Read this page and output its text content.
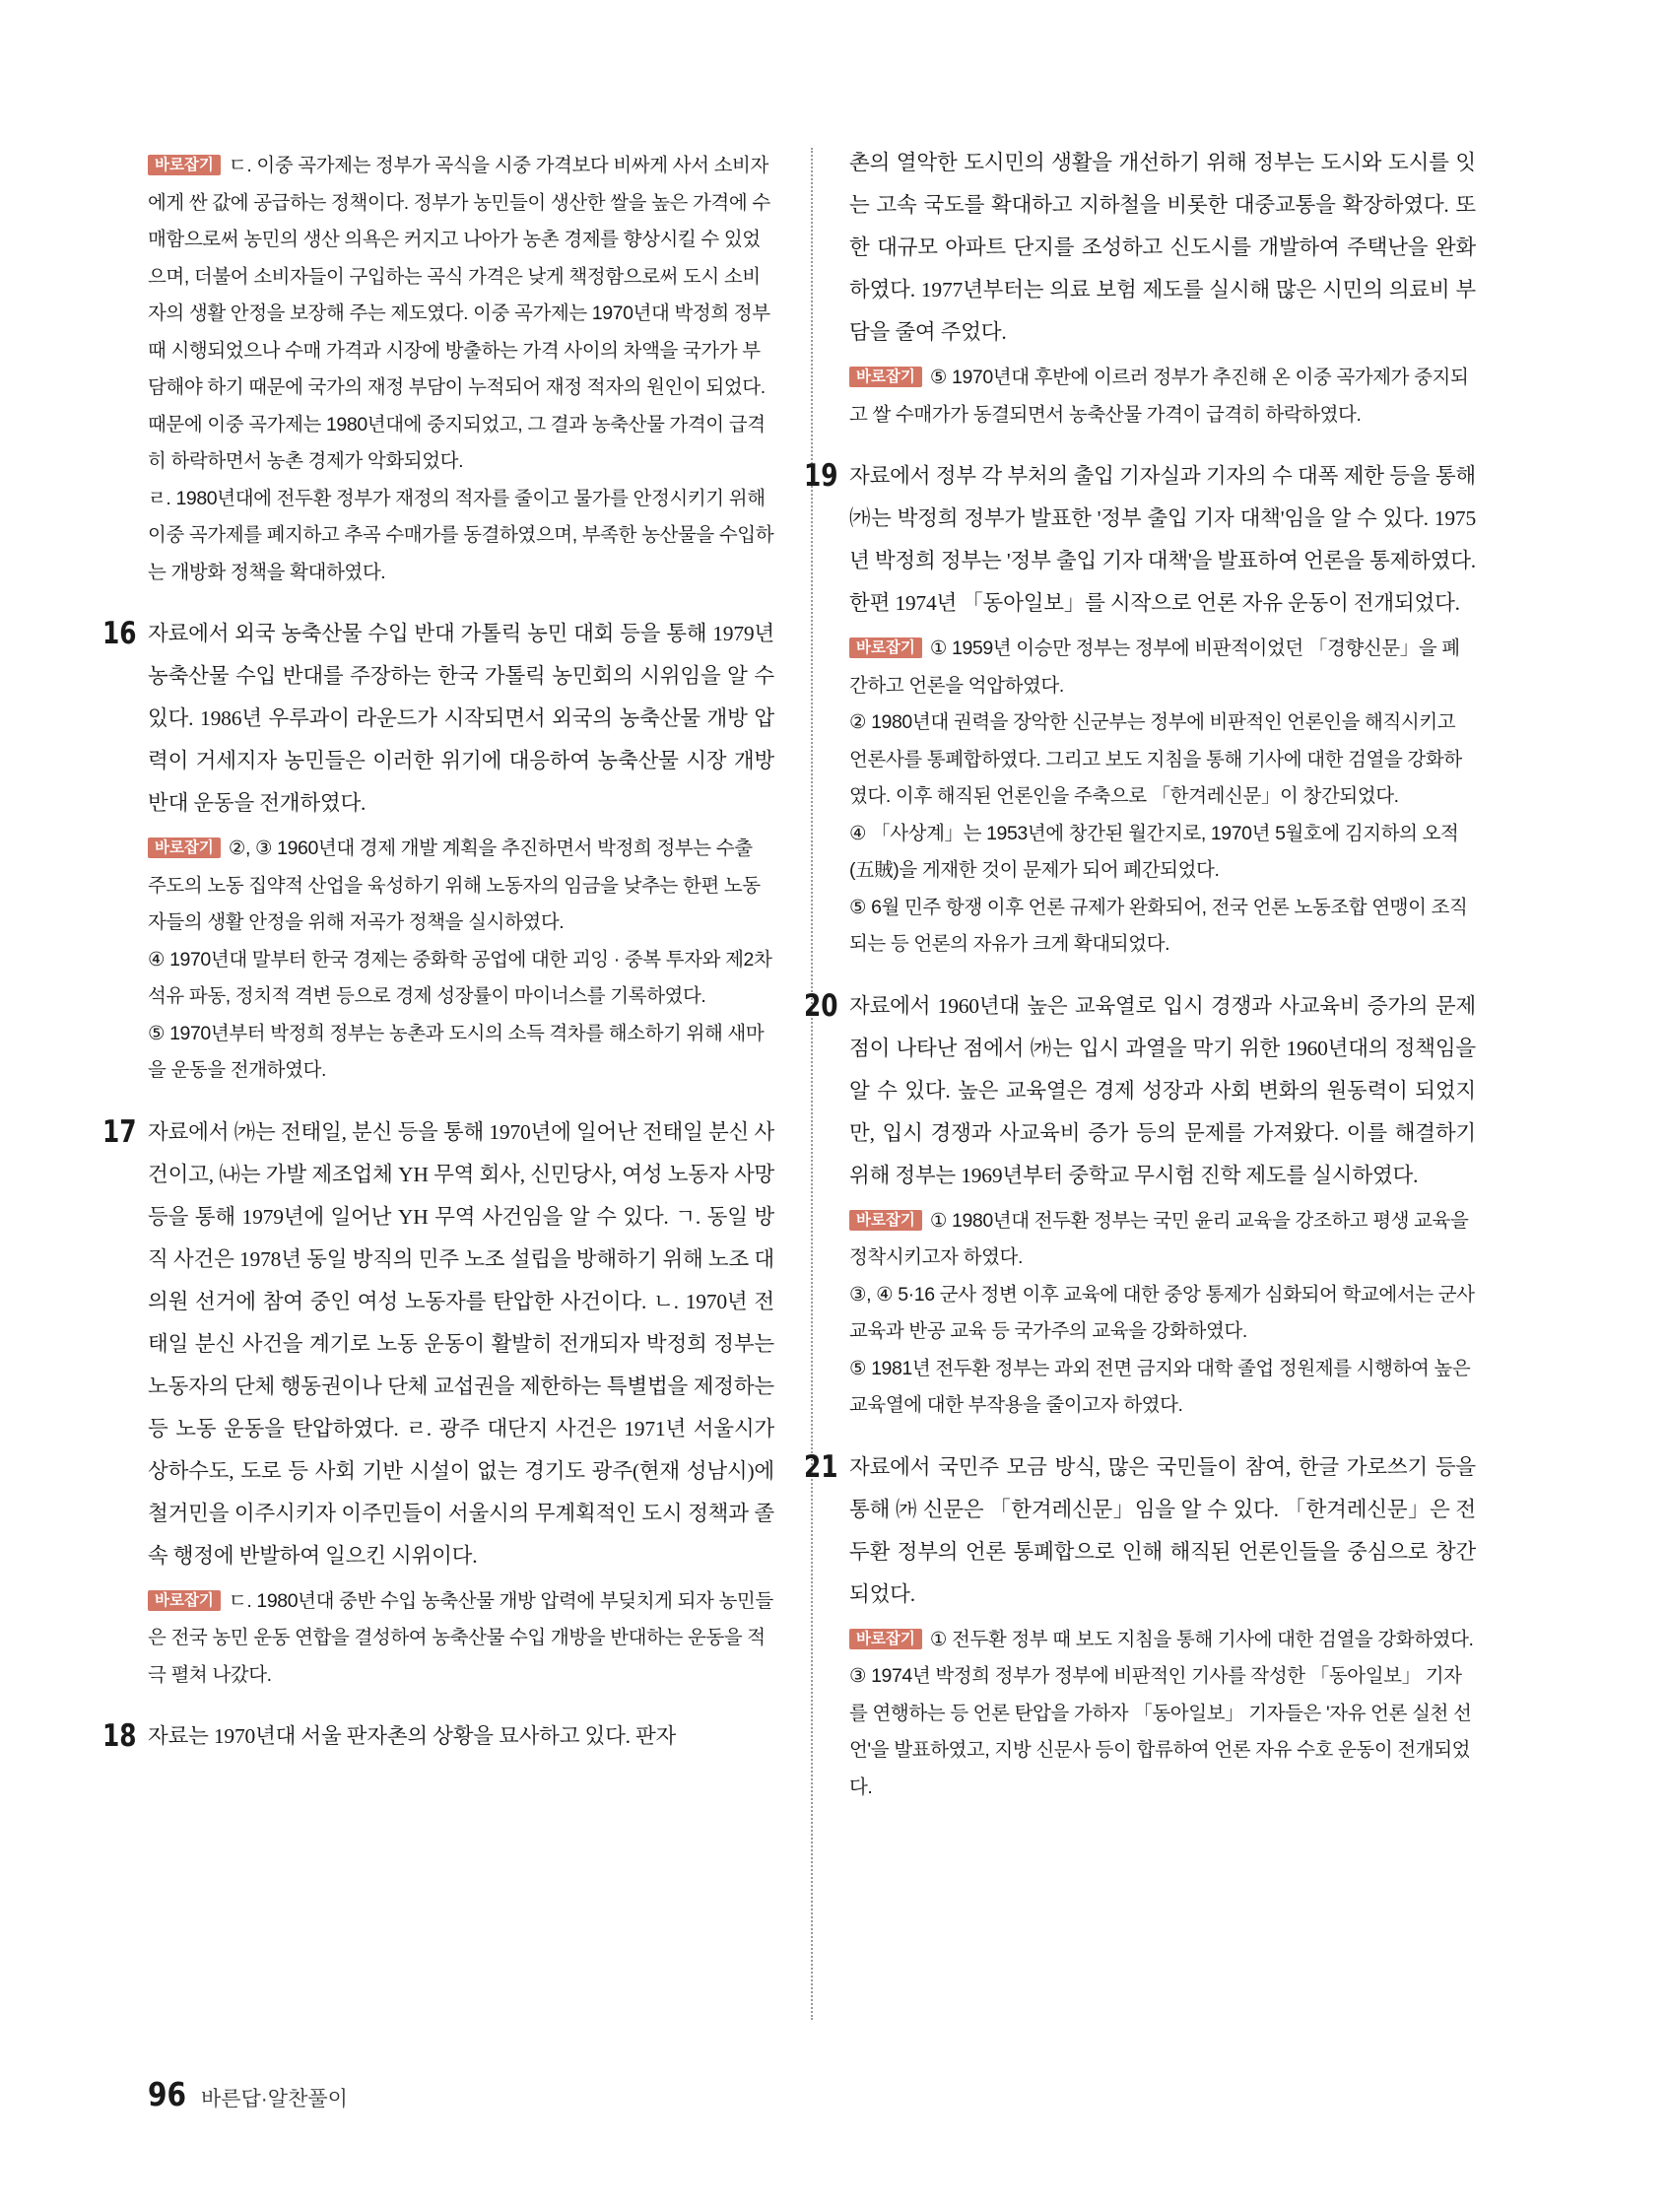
바로잡기 ㄷ. 이중 곡가제는 정부가 곡식을 시중 가격보다 비싸게 사서 소비자에게 싼 값에 공급하는 정책이다. 정부가 농민들이 생산한 쌀을 높은 가격에 수매함으로써 농민의 생산 의욕은 커지고 나아가 농촌 경제를 향상시킬 수 있었으며, 더불어 소비자들이 구입하는 곡식 가격은 낮게 책정함으로써 도시 소비자의 생활 안정을 보장해 주는 제도였다. 이중 곡가제는 1970년대 박정희 정부 때 시행되었으나 수매 가격과 시장에 방출하는 가격 사이의 차액을 국가가 부담해야 하기 때문에 국가의 재정 부담이 누적되어 재정 적자의 원인이 되었다. 때문에 이중 곡가제는 1980년대에 중지되었고, 그 결과 농축산물 가격이 급격히 하락하면서 농촌 경제가 악화되었다.

ㄹ. 1980년대에 전두환 정부가 재정의 적자를 줄이고 물가를 안정시키기 위해 이중 곡가제를 폐지하고 추곡 수매가를 동결하였으며, 부족한 농산물을 수입하는 개방화 정책을 확대하였다.

16 자료에서 외국 농축산물 수입 반대 가톨릭 농민 대회 등을 통해 1979년 농축산물 수입 반대를 주장하는 한국 가톨릭 농민회의 시위임을 알 수 있다. 1986년 우루과이 라운드가 시작되면서 외국의 농축산물 개방 압력이 거세지자 농민들은 이러한 위기에 대응하여 농축산물 시장 개방 반대 운동을 전개하였다.

바로잡기 ②, ③ 1960년대 경제 개발 계획을 추진하면서 박정희 정부는 수출 주도의 노동 집약적 산업을 육성하기 위해 노동자의 임금을 낮추는 한편 노동자들의 생활 안정을 위해 저곡가 정책을 실시하였다.

④ 1970년대 말부터 한국 경제는 중화학 공업에 대한 괴잉 · 중복 투자와 제2차 석유 파동, 정치적 격변 등으로 경제 성장률이 마이너스를 기록하였다.

⑤ 1970년부터 박정희 정부는 농촌과 도시의 소득 격차를 해소하기 위해 새마을 운동을 전개하였다.

17 자료에서 ㈎는 전태일, 분신 등을 통해 1970년에 일어난 전태일 분신 사건이고, ㈏는 가발 제조업체 YH 무역 회사, 신민당사, 여성 노동자 사망 등을 통해 1979년에 일어난 YH 무역 사건임을 알 수 있다. ㄱ. 동일 방직 사건은 1978년 동일 방직의 민주 노조 설립을 방해하기 위해 노조 대의원 선거에 참여 중인 여성 노동자를 탄압한 사건이다. ㄴ. 1970년 전태일 분신 사건을 계기로 노동 운동이 활발히 전개되자 박정희 정부는 노동자의 단체 행동권이나 단체 교섭권을 제한하는 특별법을 제정하는 등 노동 운동을 탄압하였다. ㄹ. 광주 대단지 사건은 1971년 서울시가 상하수도, 도로 등 사회 기반 시설이 없는 경기도 광주(현재 성남시)에 철거민을 이주시키자 이주민들이 서울시의 무계획적인 도시 정책과 졸속 행정에 반발하여 일으킨 시위이다.

바로잡기 ㄷ. 1980년대 중반 수입 농축산물 개방 압력에 부딪치게 되자 농민들은 전국 농민 운동 연합을 결성하여 농축산물 수입 개방을 반대하는 운동을 적극 펼쳐 나갔다.

18 자료는 1970년대 서울 판자촌의 상황을 묘사하고 있다. 판자

촌의 열악한 도시민의 생활을 개선하기 위해 정부는 도시와 도시를 잇는 고속 국도를 확대하고 지하철을 비롯한 대중교통을 확장하였다. 또한 대규모 아파트 단지를 조성하고 신도시를 개발하여 주택난을 완화하였다. 1977년부터는 의료 보험 제도를 실시해 많은 시민의 의료비 부담을 줄여 주었다.

바로잡기 ⑤ 1970년대 후반에 이르러 정부가 추진해 온 이중 곡가제가 중지되고 쌀 수매가가 동결되면서 농축산물 가격이 급격히 하락하였다.

19 자료에서 정부 각 부처의 출입 기자실과 기자의 수 대폭 제한 등을 통해 ㈎는 박정희 정부가 발표한 '정부 출입 기자 대책'임을 알 수 있다. 1975년 박정희 정부는 '정부 출입 기자 대책'을 발표하여 언론을 통제하였다. 한편 1974년 「동아일보」를 시작으로 언론 자유 운동이 전개되었다.

바로잡기 ① 1959년 이승만 정부는 정부에 비판적이었던 「경향신문」을 폐간하고 언론을 억압하였다.

② 1980년대 권력을 장악한 신군부는 정부에 비판적인 언론인을 해직시키고 언론사를 통폐합하였다. 그리고 보도 지침을 통해 기사에 대한 검열을 강화하였다. 이후 해직된 언론인을 주축으로 「한겨레신문」이 창간되었다.

④ 「사상계」는 1953년에 창간된 월간지로, 1970년 5월호에 김지하의 오적(五賊)을 게재한 것이 문제가 되어 폐간되었다.

⑤ 6월 민주 항쟁 이후 언론 규제가 완화되어, 전국 언론 노동조합 연맹이 조직되는 등 언론의 자유가 크게 확대되었다.

20 자료에서 1960년대 높은 교육열로 입시 경쟁과 사교육비 증가의 문제점이 나타난 점에서 ㈎는 입시 과열을 막기 위한 1960년대의 정책임을 알 수 있다. 높은 교육열은 경제 성장과 사회 변화의 원동력이 되었지만, 입시 경쟁과 사교육비 증가 등의 문제를 가져왔다. 이를 해결하기 위해 정부는 1969년부터 중학교 무시험 진학 제도를 실시하였다.

바로잡기 ① 1980년대 전두환 정부는 국민 윤리 교육을 강조하고 평생 교육을 정착시키고자 하였다.

③, ④ 5·16 군사 정변 이후 교육에 대한 중앙 통제가 심화되어 학교에서는 군사 교육과 반공 교육 등 국가주의 교육을 강화하였다.

⑤ 1981년 전두환 정부는 과외 전면 금지와 대학 졸업 정원제를 시행하여 높은 교육열에 대한 부작용을 줄이고자 하였다.

21 자료에서 국민주 모금 방식, 많은 국민들이 참여, 한글 가로쓰기 등을 통해 ㈎ 신문은 「한겨레신문」임을 알 수 있다. 「한겨레신문」은 전두환 정부의 언론 통폐합으로 인해 해직된 언론인들을 중심으로 창간되었다.

바로잡기 ① 전두환 정부 때 보도 지침을 통해 기사에 대한 검열을 강화하였다.

③ 1974년 박정희 정부가 정부에 비판적인 기사를 작성한 「동아일보」 기자를 연행하는 등 언론 탄압을 가하자 「동아일보」 기자들은 '자유 언론 실천 선언'을 발표하였고, 지방 신문사 등이 합류하여 언론 자유 수호 운동이 전개되었다.

96 바른답·알찬풀이
